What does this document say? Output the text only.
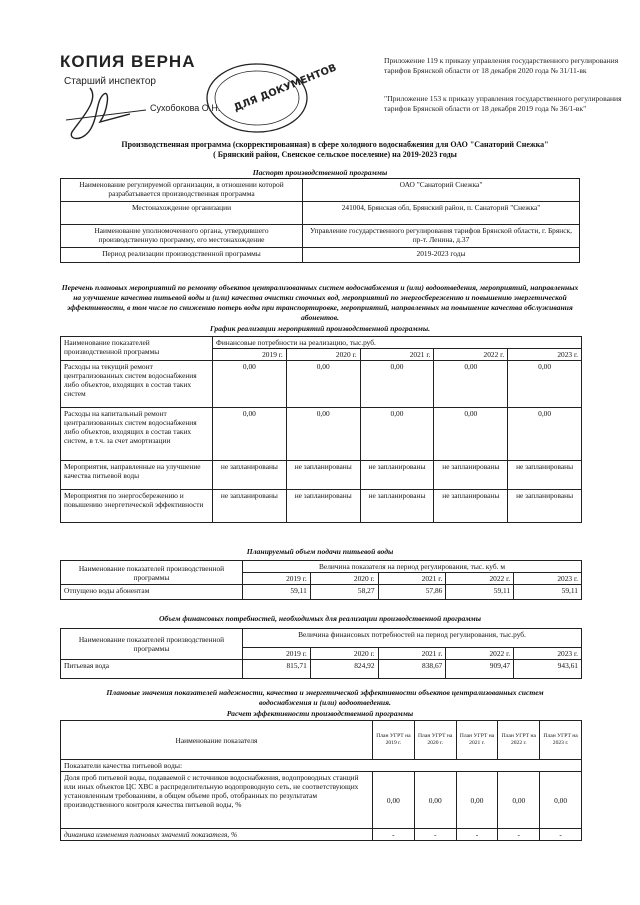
КОПИЯ ВЕРНА
Старший инспектор
Сухобокова О.Н. ДЛЯ ДОКУМЕНТОВ
Приложение 119 к приказу управления государственного регулирования тарифов Брянской области от 18 декабря 2020 года № 31/11-вк
"Приложение 153 к приказу управления государственного регулирования тарифов Брянской области от 18 декабря 2019 года № 36/1-вк"
Производственная программа (скорректированная) в сфере холодного водоснабжения для ОАО "Санаторий Снежка"
( Брянский район, Свенское сельское поселение) на 2019-2023 годы
Паспорт производственной программы
Наименование регулируемой организации, в отношении которой разрабатывается производственная программа	ОАО "Санаторий Снежка"
Местонахождение организации	241004, Брянская обл, Брянский район, п. Санаторий "Снежка"
Наименование уполномоченного органа, утвердившего производственную программу, его местонахождение	Управление государственного регулирования тарифов Брянской области, г. Брянск, пр-т. Ленина, д.37
Период реализации производственной программы	2019-2023 годы
Перечень плановых мероприятий по ремонту объектов централизованных систем водоснабжения и (или) водоотведения, мероприятий, направленных на улучшение качества питьевой воды и (или) качества очистки сточных вод, мероприятий по энергосбережению и повышению энергетической эффективности, в том числе по снижению потерь воды при транспортировке, мероприятий, направленных на повышение качества обслуживания абонентов.
График реализации мероприятий производственной программы.
Наименование показателей производственной программы	Финансовые потребности на реализацию, тыс.руб.				
	2019 г.	2020 г.	2021 г.	2022 г.	2023 г.
Расходы на текущий ремонт централизованных систем водоснабжения либо объектов, входящих в состав таких систем	0,00	0,00	0,00	0,00	0,00
Расходы на капитальный ремонт централизованных систем водоснабжения либо объектов, входящих в состав таких систем, в т.ч. за счет амортизации	0,00	0,00	0,00	0,00	0,00
Мероприятия, направленные на улучшение качества питьевой воды	не запланированы	не запланированы	не запланированы	не запланированы	не запланированы
Мероприятия по энергосбережению и повышению энергетической эффективности	не запланированы	не запланированы	не запланированы	не запланированы	не запланированы
Планируемый объем подачи питьевой воды
Наименование показателей производственной программы	Величина показателя на период регулирования, тыс. куб. м				
	2019 г.	2020 г.	2021 г.	2022 г.	2023 г.
Отпущено воды абонентам	59,11	58,27	57,86	59,11	59,11
Объем финансовых потребностей, необходимых для реализации производственной программы
Наименование показателей производственной программы	Величина финансовых потребностей на период регулирования, тыс.руб.				
	2019 г.	2020 г.	2021 г.	2022 г.	2023 г.
Питьевая вода	815,71	824,92	838,67	909,47	943,61
Плановые значения показателей надежности, качества и энергетической эффективности объектов централизованных систем водоснабжения и (или) водоотведения.
Расчет эффективности производственной программы
Наименование показателя	План УГРТ на 2019 г.	План УГРТ на 2020 г.	План УГРТ на 2021 г.	План УГРТ на 2022 г.	План УГРТ на 2023 г.
Показатели качества питьевой воды:					
Доля проб питьевой воды, подаваемой с источников водоснабжения, водопроводных станций или иных объектов ЦС ХВС в распределительную водопроводную сеть, не соответствующих установленным требованиям, в общем объеме проб, отобранных по результатам производственного контроля качества питьевой воды, %	0,00	0,00	0,00	0,00	0,00
динамика изменения плановых значений показателя, %	-	-	-	-	-
